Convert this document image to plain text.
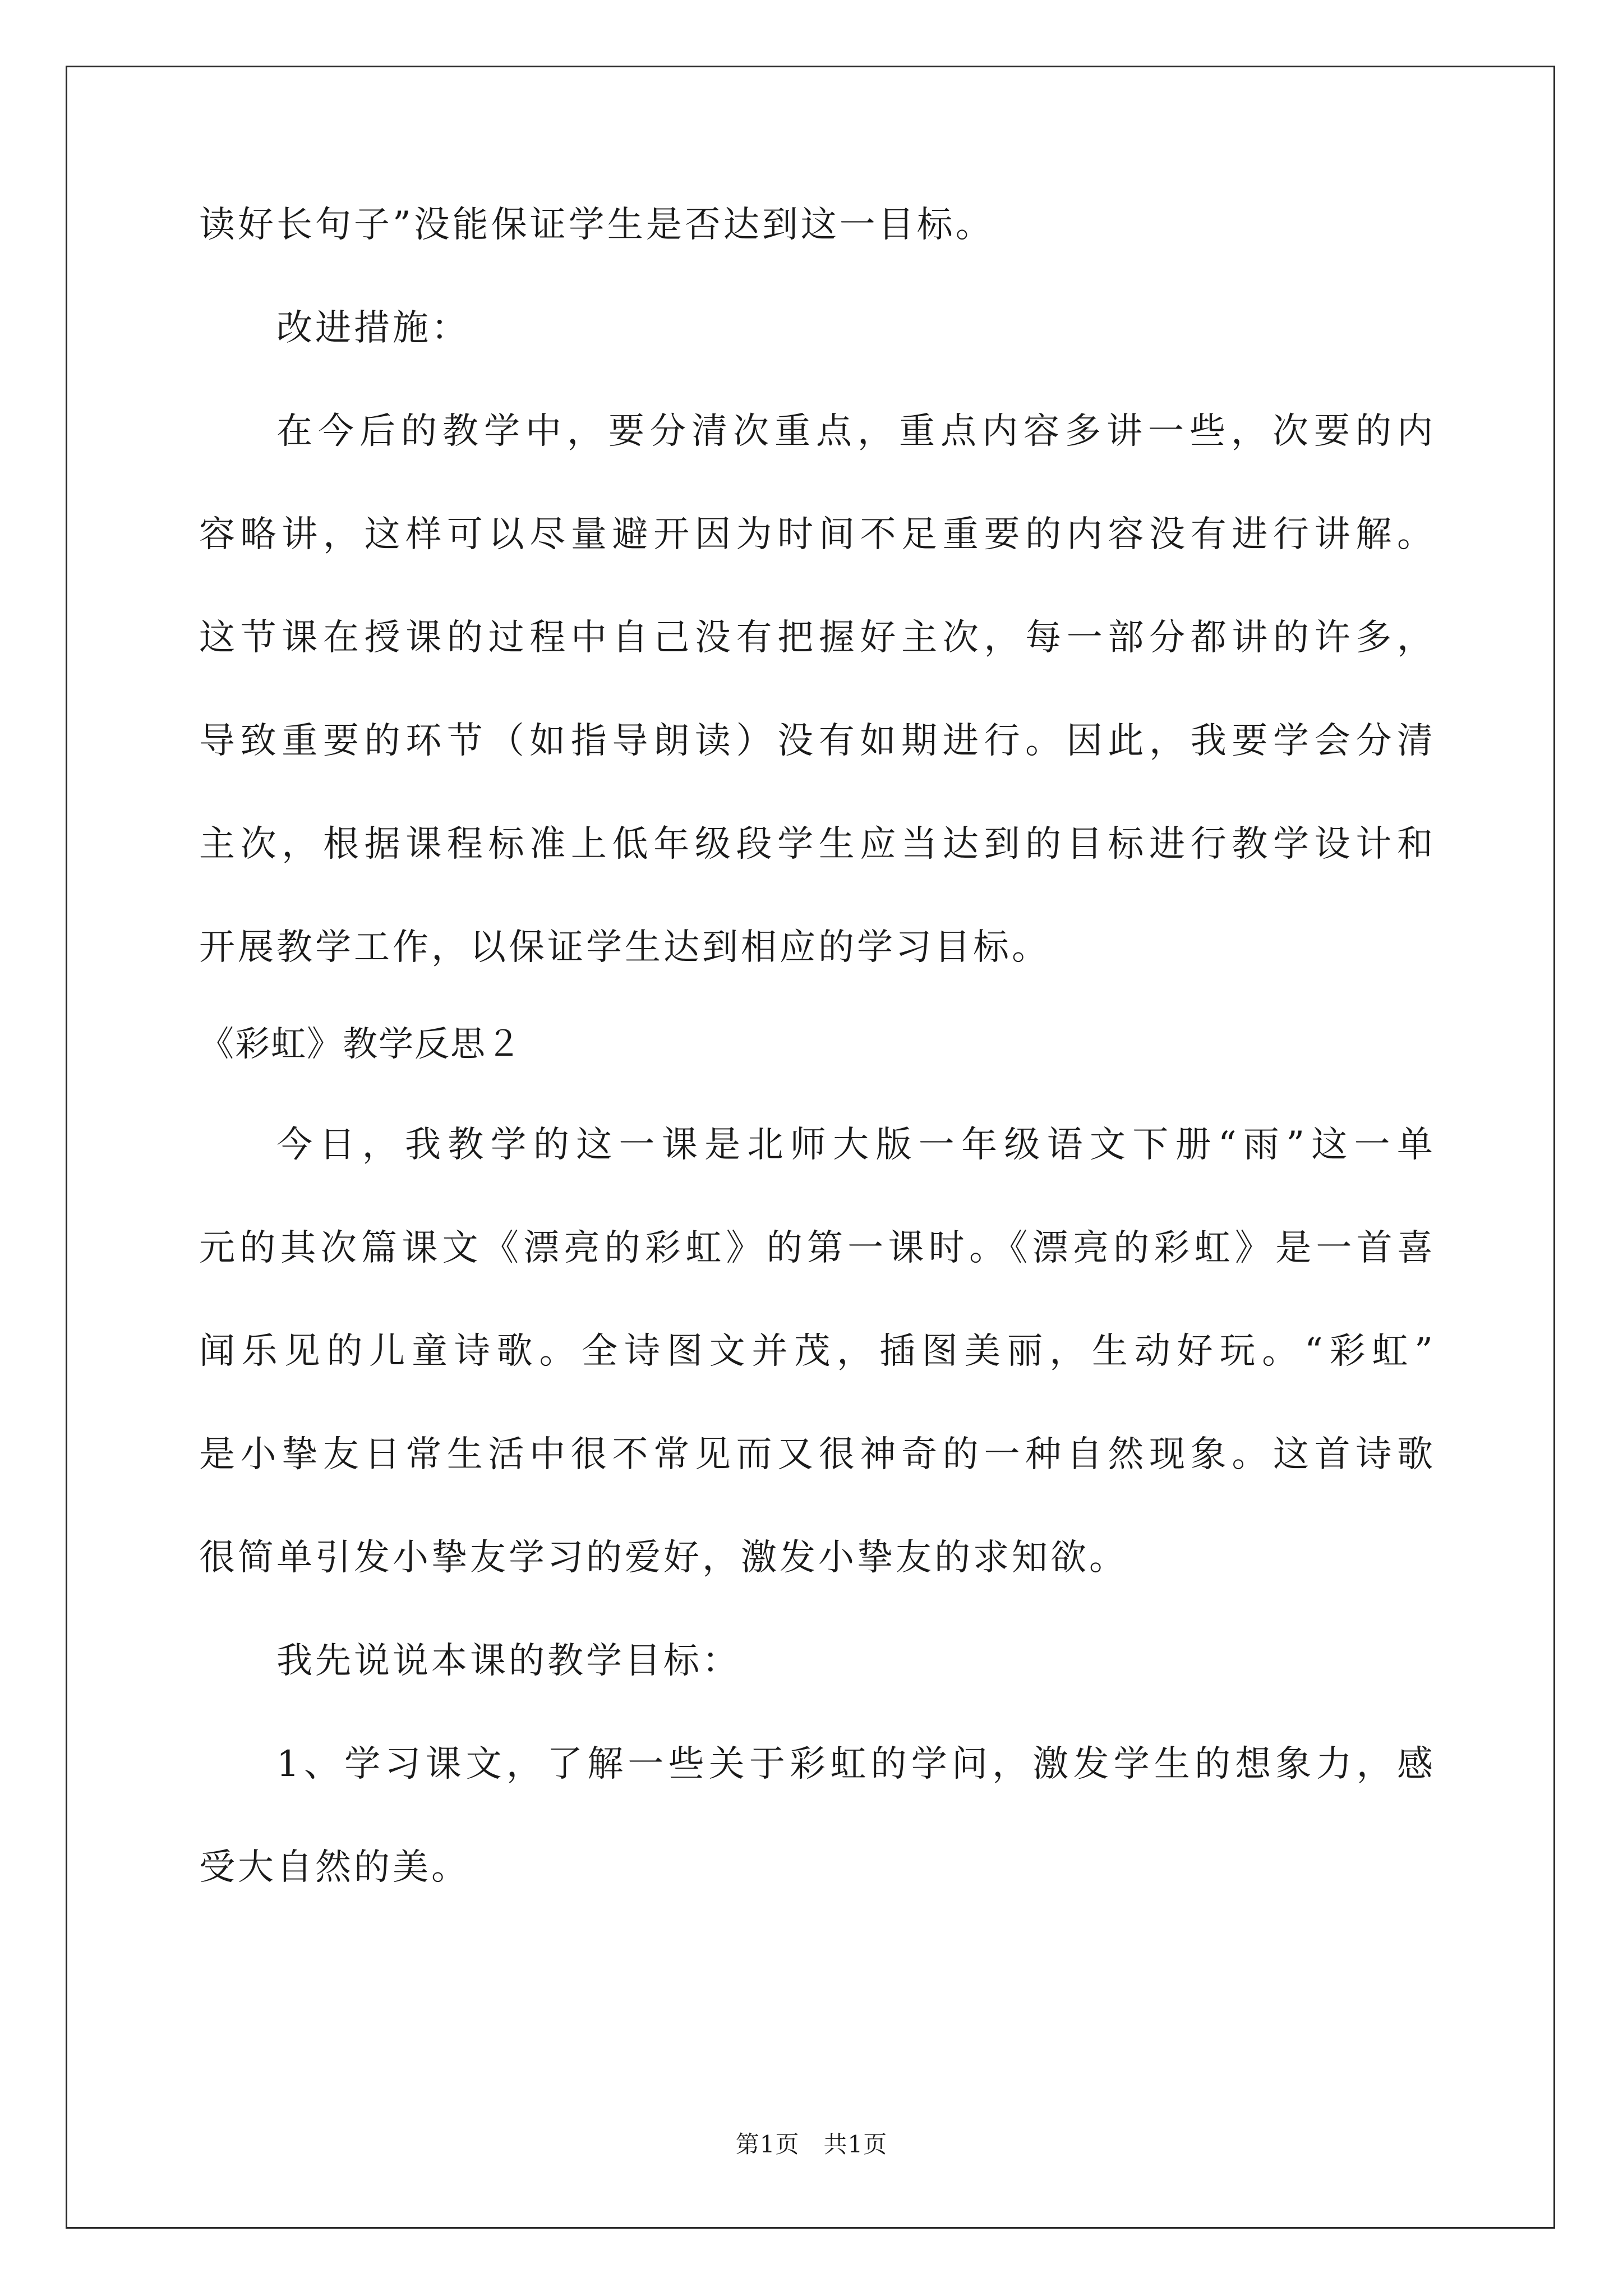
读好长句子”没能保证学生是否达到这一目标。
改进措施：
在今后的教学中，要分清次重点，重点内容多讲一些，次要的内
容略讲，这样可以尽量避开因为时间不足重要的内容没有进行讲解。
这节课在授课的过程中自己没有把握好主次，每一部分都讲的许多，
导致重要的环节（如指导朗读）没有如期进行。因此，我要学会分清
主次，根据课程标准上低年级段学生应当达到的目标进行教学设计和
开展教学工作，以保证学生达到相应的学习目标。
《彩虹》教学反思２
今日，我教学的这一课是北师大版一年级语文下册“雨”这一单
元的其次篇课文《漂亮的彩虹》的第一课时。《漂亮的彩虹》是一首喜
闻乐见的儿童诗歌。全诗图文并茂，插图美丽，生动好玩。“彩虹”
是小挚友日常生活中很不常见而又很神奇的一种自然现象。这首诗歌
很简单引发小挚友学习的爱好，激发小挚友的求知欲。
我先说说本课的教学目标：
1、学习课文，了解一些关于彩虹的学问，激发学生的想象力，感
受大自然的美。
第1页　共1页
